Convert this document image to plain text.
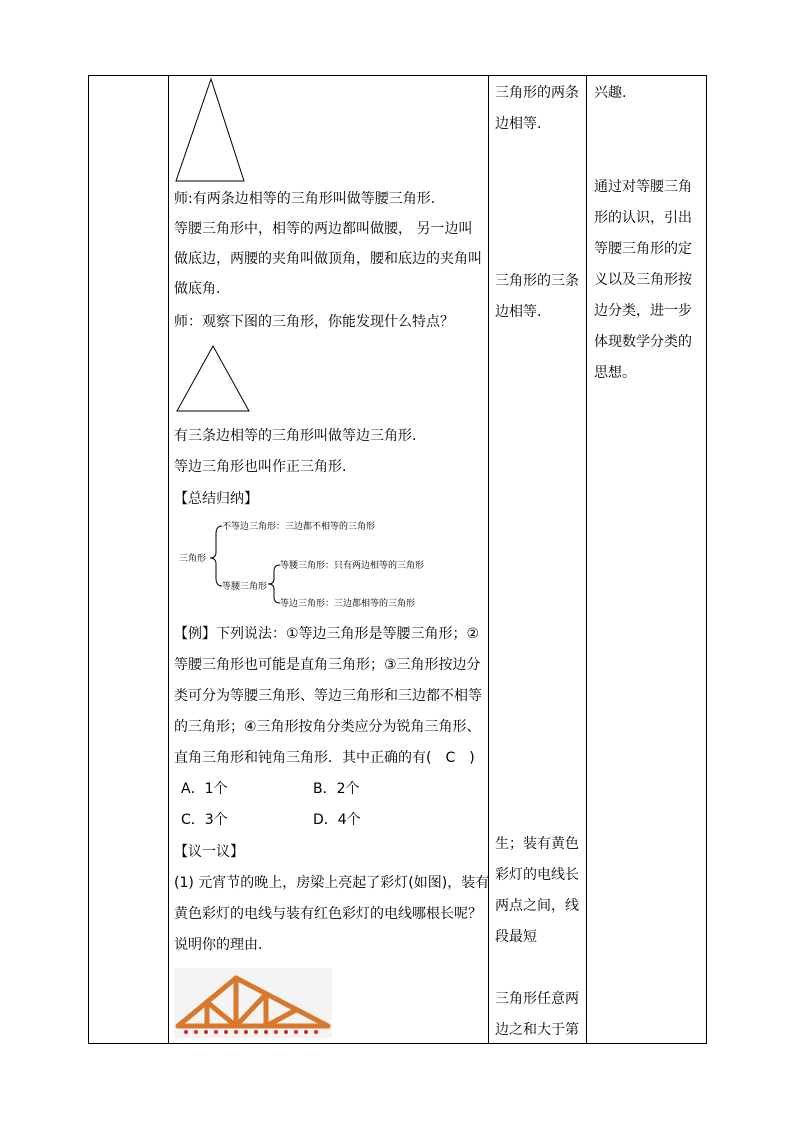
师:有两条边相等的三角形叫做等腰三角形.
等腰三角形中，相等的两边都叫做腰， 另一边叫
做底边，两腰的夹角叫做顶角，腰和底边的夹角叫
做底角.
师：观察下图的三角形，你能发现什么特点？
有三条边相等的三角形叫做等边三角形.
等边三角形也叫作正三角形.
【总结归纳】
三角形
不等边三角形：三边都不相等的三角形
等腰三角形
等腰三角形：只有两边相等的三角形
等边三角形：三边都相等的三角形
【例】下列说法：①等边三角形是等腰三角形；②
等腰三角形也可能是直角三角形；③三角形按边分
类可分为等腰三角形、等边三角形和三边都不相等
的三角形；④三角形按角分类应分为锐角三角形、
直角三角形和钝角三角形．其中正确的有(　C　)
A．1个	B．2个
C．3个	D．4个
【议一议】
(1) 元宵节的晚上，房梁上亮起了彩灯(如图)，装有
黄色彩灯的电线与装有红色彩灯的电线哪根长呢？
说明你的理由.
三角形的两条
边相等.
三角形的三条
边相等.
生；装有黄色
彩灯的电线长
两点之间，线
段最短
三角形任意两
边之和大于第
兴趣.
通过对等腰三角
形的认识，引出
等腰三角形的定
义以及三角形按
边分类，进一步
体现数学分类的
思想。
